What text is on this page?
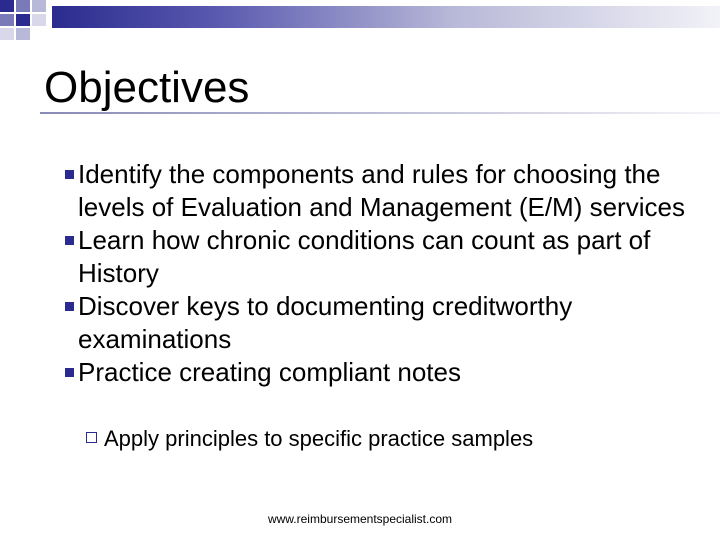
Objectives
Identify the components and rules for choosing the levels of Evaluation and Management (E/M) services
Learn how chronic conditions can count as part of History
Discover keys to documenting creditworthy examinations
Practice creating compliant notes
Apply principles to specific practice samples
www.reimbursementspecialist.com
